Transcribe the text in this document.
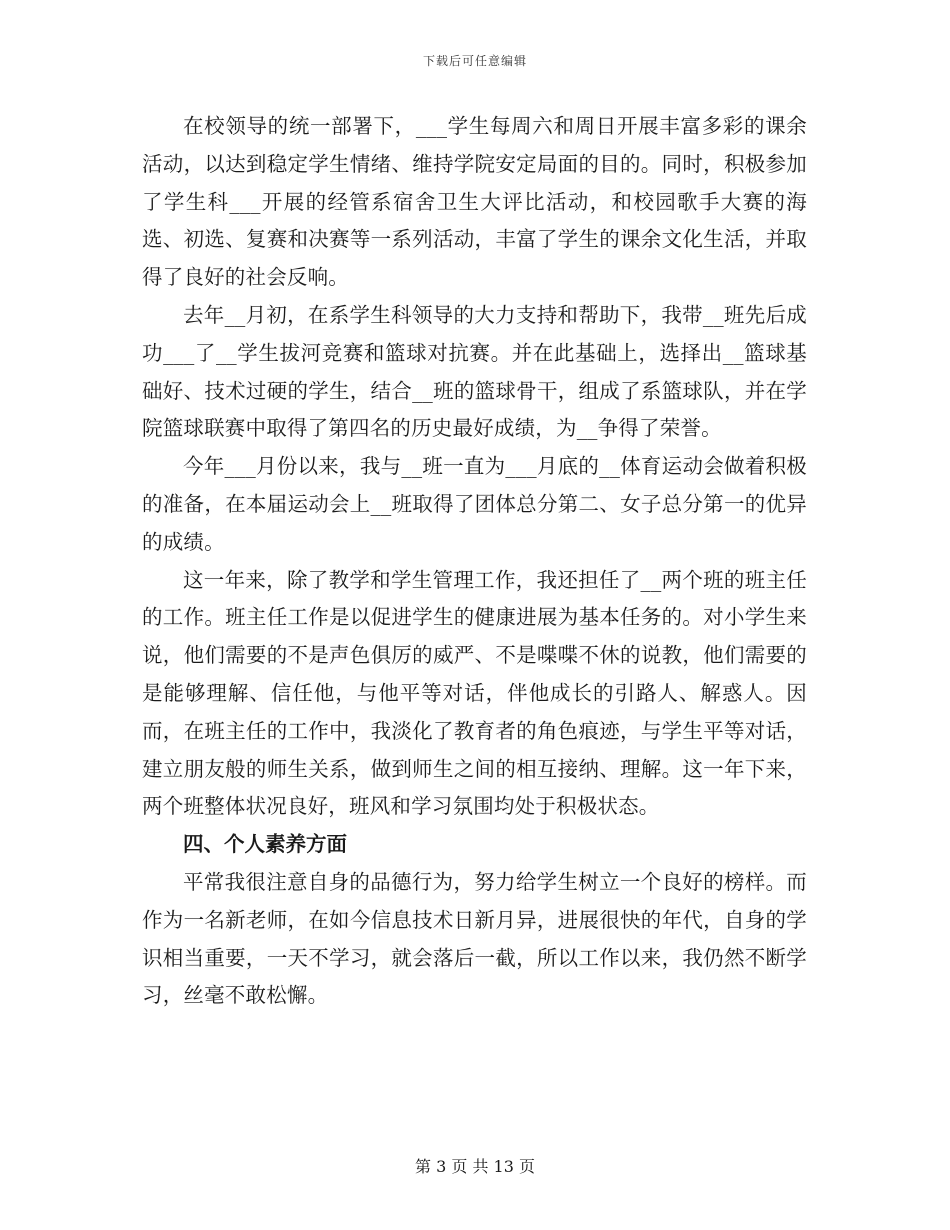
下载后可任意编辑

在校领导的统一部署下，___学生每周六和周日开展丰富多彩的课余活动，以达到稳定学生情绪、维持学院安定局面的目的。同时，积极参加了学生科___开展的经管系宿舍卫生大评比活动，和校园歌手大赛的海选、初选、复赛和决赛等一系列活动，丰富了学生的课余文化生活，并取得了良好的社会反响。

去年__月初，在系学生科领导的大力支持和帮助下，我带__班先后成功___了__学生拔河竞赛和篮球对抗赛。并在此基础上，选择出__篮球基础好、技术过硬的学生，结合__班的篮球骨干，组成了系篮球队，并在学院篮球联赛中取得了第四名的历史最好成绩，为__争得了荣誉。

今年___月份以来，我与__班一直为___月底的__体育运动会做着积极的准备，在本届运动会上__班取得了团体总分第二、女子总分第一的优异的成绩。

这一年来，除了教学和学生管理工作，我还担任了__两个班的班主任的工作。班主任工作是以促进学生的健康进展为基本任务的。对小学生来说，他们需要的不是声色俱厉的威严、不是喋喋不休的说教，他们需要的是能够理解、信任他，与他平等对话，伴他成长的引路人、解惑人。因而，在班主任的工作中，我淡化了教育者的角色痕迹，与学生平等对话，建立朋友般的师生关系，做到师生之间的相互接纳、理解。这一年下来，两个班整体状况良好，班风和学习氛围均处于积极状态。

四、个人素养方面

平常我很注意自身的品德行为，努力给学生树立一个良好的榜样。而作为一名新老师，在如今信息技术日新月异，进展很快的年代，自身的学识相当重要，一天不学习，就会落后一截，所以工作以来，我仍然不断学习，丝毫不敢松懈。

第 3 页 共 13 页
